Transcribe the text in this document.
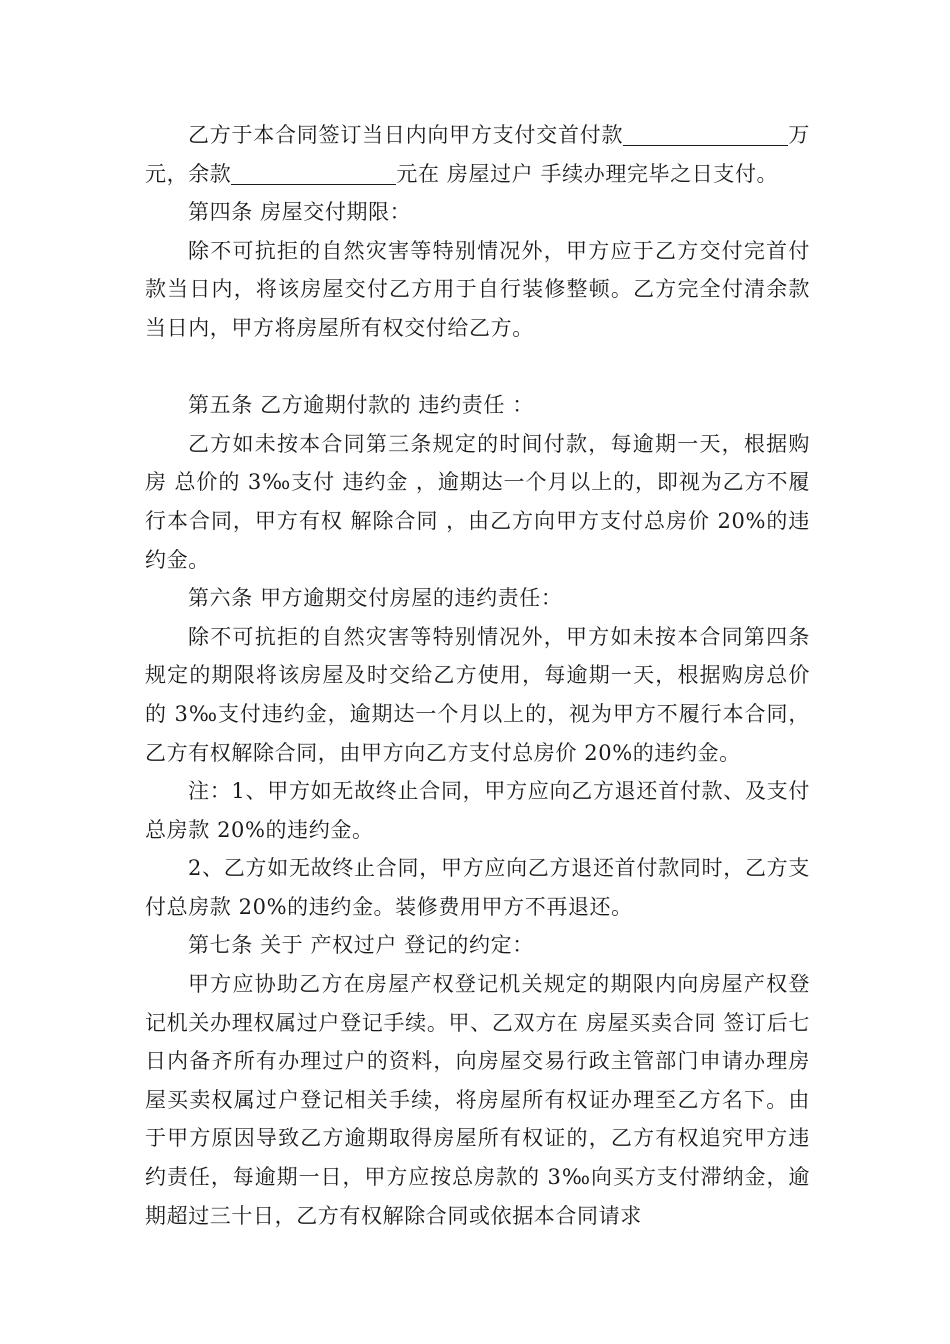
乙方于本合同签订当日内向甲方支付交首付款	万元，余款	元在 房屋过户 手续办理完毕之日支付。

第四条 房屋交付期限：

除不可抗拒的自然灾害等特别情况外，甲方应于乙方交付完首付款当日内，将该房屋交付乙方用于自行装修整顿。乙方完全付清余款当日内，甲方将房屋所有权交付给乙方。

第五条 乙方逾期付款的 违约责任 ：

乙方如未按本合同第三条规定的时间付款，每逾期一天，根据购房 总价的 3‰支付 违约金 ，逾期达一个月以上的，即视为乙方不履行本合同，甲方有权 解除合同 ，由乙方向甲方支付总房价 20%的违约金。

第六条 甲方逾期交付房屋的违约责任：

除不可抗拒的自然灾害等特别情况外，甲方如未按本合同第四条规定的期限将该房屋及时交给乙方使用，每逾期一天，根据购房总价的 3‰支付违约金，逾期达一个月以上的，视为甲方不履行本合同，乙方有权解除合同，由甲方向乙方支付总房价 20%的违约金。

注：1、甲方如无故终止合同，甲方应向乙方退还首付款、及支付总房款 20%的违约金。

2、乙方如无故终止合同，甲方应向乙方退还首付款同时，乙方支付总房款 20%的违约金。装修费用甲方不再退还。

第七条 关于 产权过户 登记的约定：

甲方应协助乙方在房屋产权登记机关规定的期限内向房屋产权登记机关办理权属过户登记手续。甲、乙双方在 房屋买卖合同 签订后七日内备齐所有办理过户的资料，向房屋交易行政主管部门申请办理房屋买卖权属过户登记相关手续，将房屋所有权证办理至乙方名下。由于甲方原因导致乙方逾期取得房屋所有权证的，乙方有权追究甲方违约责任，每逾期一日，甲方应按总房款的 3‰向买方支付滞纳金，逾期超过三十日，乙方有权解除合同或依据本合同请求
